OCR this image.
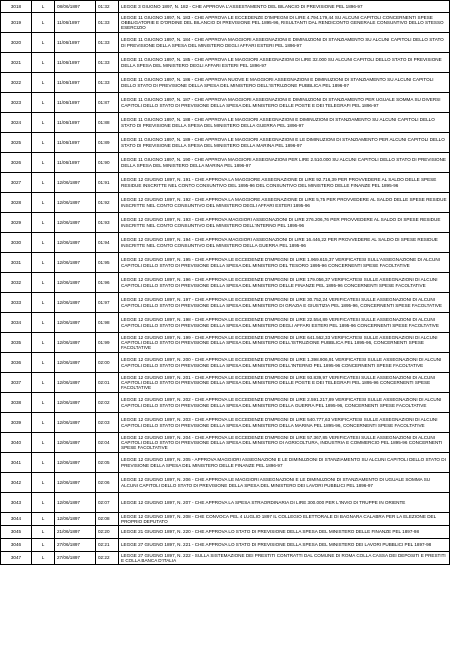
3018	L	08/06/1897	01:32	LEGGE 3 GIUGNO 1897, N. 182 - CHE APPROVA L'ASSESTAMENTO DEL BILANCIO DI PREVISIONE PEL 1896-97

3019	L	11/06/1897	01:33	LEGGE 11 GIUGNO 1897, N. 183 - CHE APPROVA LE ECCEDENZE D'IMPEGNI DI LIRE 4.794.179,44 SU ALCUNI CAPITOLI CONCERNENTI SPESE OBBLIGATORIE E D'ORDINE DEL BILANCIO DI PREVISIONE PEL 1895-96, RISULTANTI DAL RENDICONTO GENERALE CONSUNTIVO DELLO STESSO ESERCIZIO

3020	L	11/06/1897	01:33	LEGGE 11 GIUGNO 1897, N. 184 - CHE APPROVA MAGGIORI ASSEGNAZIONI E DIMINUZIONI DI STANZIAMENTO SU ALCUNI CAPITOLI DELLO STATO DI PREVISIONE DELLA SPESA DEL MINISTERO DEGLI AFFARI ESTERI PEL 1896-97

3021	L	11/06/1897	01:33	LEGGE 11 GIUGNO 1897, N. 185 - CHE APPROVA LE MAGGIORI ASSEGNAZIONI DI LIRE 32.000 SU ALCUNI CAPITOLI DELLO STATO DI PREVISIONE DELLA SPESA DEL MINISTERO DEGLI AFFARI ESTERI PEL 1896-97

3022	L	11/06/1897	01:33	LEGGE 11 GIUGNO 1897, N. 186 - CHE APPROVA NUOVE E MAGGIORI ASSEGNAZIONI E DIMINUZIONI DI STANZIAMENTO SU ALCUNI CAPITOLI DELLO STATO DI PREVISIONE DELLA SPESA DEL MINISTERO DELL'ISTRUZIONE PUBBLICA PEL 1896-97

3023	L	11/06/1897	01:87	LEGGE 11 GIUGNO 1897, N. 187 - CHE APPROVA MAGGIORI ASSEGNAZIONI E DIMINUZIONI DI STANZIAMENTO PER UGUALE SOMMA SU DIVERSI CAPITOLI DELLO STATO DI PREVISIONE DELLA SPESA DEL MINISTERO DELLE POSTE E DEI TELEGRAFI PEL 1896-97

3024	L	11/06/1897	01:88	LEGGE 11 GIUGNO 1897, N. 188 - CHE APPROVA LE MAGGIORI ASSEGNAZIONI E DIMINUZIONI DI STANZIAMENTO SU ALCUNI CAPITOLI DELLO STATO DI PREVISIONE DELLA SPESA DEL MINISTERO DELLA GUERRA PEL 1896-97

3025	L	11/06/1897	01:89	LEGGE 11 GIUGNO 1897, N. 189 - CHE APPROVA LE MAGGIORI ASSEGNAZIONI E LE DIMINUZIONI DI STANZIAMENTO PER ALCUNI CAPITOLI DELLO STATO DI PREVISIONE DELLA SPESA DEL MINISTERO DELLA MARINA PEL 1896-97

3026	L	11/06/1897	01:90	LEGGE 11 GIUGNO 1897, N. 190 - CHE APPROVA MAGGIORI ASSEGNAZIONI PER LIRE 2.510.000 SU ALCUNI CAPITOLI DELLO STATO DI PREVISIONE DELLA SPESA DEL MINISTERO DELLA MARINA PEL 1896-97

3027	L	12/06/1897	01:91	LEGGE 12 GIUGNO 1897, N. 191 - CHE APPROVA LA MAGGIORE ASSEGNAZIONE DI LIRE 92.716,39 PER PROVVEDERE AL SALDO DELLE SPESE RESIDUE INSCRITTE NEL CONTO CONSUNTIVO DEL 1895-96 DEL CONSUNTIVO DEL MINISTERO DELLE FINANZE PEL 1895-96

3028	L	12/06/1897	01:92	LEGGE 12 GIUGNO 1897, N. 192 - CHE APPROVA LA MAGGIORE ASSEGNAZIONE DI LIRE 5,75 PER PROVVEDERE AL SALDO DELLE SPESE RESIDUE INSCRITTE NEL CONTO CONSUNTIVO DEL MINISTERO DEGLI AFFARI ESTERI 1895-96

3029	L	12/06/1897	01:93	LEGGE 12 GIUGNO 1897, N. 193 - CHE APPROVA MAGGIORI ASSEGNAZIONI DI LIRE 276.206,76 PER PROVVEDERE AL SALDO DI SPESE RESIDUE INSCRITTE NEL CONTO CONSUNTIVO DEL MINISTERO DELL'INTERNO PEL 1895-96

3030	L	12/06/1897	01:94	LEGGE 12 GIUGNO 1897, N. 194 - CHE APPROVA MAGGIORI ASSEGNAZIONI DI LIRE 16.446,22 PER PROVVEDERE AL SALDO DI SPESE RESIDUE INSCRITTE NEL CONTO CONSUNTIVO DEL MINISTERO DELLA GUERRA PEL 1895-96

3031	L	12/06/1897	01:95	LEGGE 12 GIUGNO 1897, N. 195 - CHE APPROVA LE ECCEDENZE D'IMPEGNI DI LIRE 1.969.615,37 VERIFICATESI SULL'ASSEGNAZIONE DI ALCUNI CAPITOLI DELLO STATO DI PREVISIONE DELLA SPESA DEL MINISTERO DEL TESORO 1895-96 CONCERNENTI SPESE FACOLTATIVE

3032	L	12/06/1897	01:96	LEGGE 12 GIUGNO 1897, N. 196 - CHE APPROVA LE ECCEDENZE D'IMPEGNI DI LIRE 179.056,37 VERIFICATESI SULLE ASSEGNAZIONI DI ALCUNI CAPITOLI DELLO STATO DI PREVISIONE DELLA SPESA DEL MINISTERO DELLE FINANZE PEL 1895-96 CONCERNENTI SPESE FACOLTATIVE

3033	L	12/06/1897	01:97	LEGGE 12 GIUGNO 1897, N. 197 - CHE APPROVA LE ECCEDENZE D'IMPEGNI DI LIRE 30.752,24 VERIFICATESI SULLE ASSEGNAZIONI DI ALCUNI CAPITOLI DELLO STATO DI PREVISIONE DELLA SPESA DEL MINISTERO DI GRAZIA E GIUSTIZIA PEL 1895-96, CONCERNENTI SPESE FACOLTATIVE

3034	L	12/06/1897	01:98	LEGGE 12 GIUGNO 1897, N. 198 - CHE APPROVA LE ECCEDENZE D'IMPEGNI DI LIRE 22.554,89 VERIFICATESI SULLE ASSEGNAZIONI DI ALCUNI CAPITOLI DELLO STATO DI PREVISIONE DELLA SPESA DEL MINISTERO DEGLI AFFARI ESTERI PEL 1895-96 CONCERNENTI SPESE FACOLTATIVE

3035	L	12/06/1897	01:99	LEGGE 12 GIUGNO 1897, N. 199 - CHE APPROVA LE ECCEDENZE D'IMPEGNI DI LIRE 641.562,33 VERIFICATESI SULLE ASSEGNAZIONI DI ALCUNI CAPITOLI DELLO STATO DI PREVISIONE DELLA SPESA DEL MINISTERO DELL'ISTRUZIONE PUBBLICA PEL 1895-96, CONCERNENTI SPESE FACOLTATIVE

3036	L	12/06/1897	02:00	LEGGE 12 GIUGNO 1897, N. 200 - CHE APPROVA LE ECCEDENZE D'IMPEGNI DI LIRE 1.398.906,91 VERIFICATESI SULLE ASSEGNAZIONI DI ALCUNI CAPITOLI DELLO STATO DI PREVISIONE DELLA SPESA DEL MINISTERO DELL'INTERNO PEL 1895-96 CONCERNENTI SPESE FACOLTATIVE

3037	L	12/06/1897	02:01	LEGGE 12 GIUGNO 1897, N. 201 - CHE APPROVA LE ECCEDENZE D'IMPEGNI DI LIRE 93.839,97 VERIFICATESI SULLE ASSEGNAZIONI DI ALCUNI CAPITOLI DELLO STATO DI PREVISIONE DELLA SPESA DEL MINISTERO DELLE POSTE E DEI TELEGRAFI PEL 1895-96 CONCERNENTI SPESE FACOLTATIVE

3038	L	12/06/1897	02:02	LEGGE 12 GIUGNO 1897, N. 202 - CHE APPROVA LE ECCEDENZE D'IMPEGNI DI LIRE 2.591.217,89 VERIFICATESI SULLE ASSEGNAZIONI DI ALCUNI CAPITOLI DELLO STATO DI PREVISIONE DELLA SPESA DEL MINISTERO DELLA GUERRA PEL 1895-96, CONCERNENTI SPESE FACOLTATIVE

3039	L	12/06/1897	02:03	LEGGE 12 GIUGNO 1897, N. 203 - CHE APPROVA LE ECCEDENZE D'IMPEGNI DI LIRE 540.777,63 VERIFICATESI SULLE ASSEGNAZIONI DI ALCUNI CAPITOLI DELLO STATO DI PREVISIONE DELLA SPESA DEL MINISTERO DELLA MARINA PEL 1895-96, CONCERNENTI SPESE FACOLTATIVE

3040	L	12/06/1897	02:04	LEGGE 12 GIUGNO 1897, N. 204 - CHE APPROVA LE ECCEDENZE D'IMPEGNI DI LIRE 57.367,85 VERIFICATESI SULLE ASSEGNAZIONI DI ALCUNI CAPITOLI DELLO STATO DI PREVISIONE DELLA SPESA DEL MINISTERO DI AGRICOLTURA, INDUSTRIA E COMMERCIO PEL 1895-96 CONCERNENTI SPESE FACOLTATIVE

3041	L	12/06/1897	02:05	LEGGE 12 GIUGNO 1897, N. 205 - APPROVA MAGGIORI ASSEGNAZIONI E LE DIMINUZIONI DI STANZIAMENTO SU ALCUNI CAPITOLI DELLO STATO DI PREVISIONE DELLA SPESA DEL MINISTERO DELLE FINANZE PEL 1896-97

3042	L	12/06/1897	02:06	LEGGE 12 GIUGNO 1897, N. 206 - CHE APPROVA LE MAGGIORI ASSEGNAZIONI E LE DIMINUZIONI DI STANZIAMENTO DI UGUALE SOMMA SU ALCUNI CAPITOLI DELLO STATO DI PREVISIONE DELLA SPESA DEL MINISTERO DEI LAVORI PUBBLICI PEL 1896-97

3043	L	12/06/1897	02:07	LEGGE 12 GIUGNO 1897, N. 207 - CHE APPROVA LA SPESA STRAORDINARIA DI LIRE 300.000 PER L'INVIO DI TRUPPE IN ORIENTE

3044	L	12/06/1897	02:08	LEGGE 12 GIUGNO 1897, N. 208 - CHE CONVOCA PEL 4 LUGLIO 1897 IL COLLEGIO ELETTORALE DI BAGNARA CALABRA PER LA ELEZIONE DEL PROPRIO DEPUTATO

3045	L	21/06/1897	02:20	LEGGE 21 GIUGNO 1897, N. 220 - CHE APPROVA LO STATO DI PREVISIONE DELLA SPESA DEL MINISTERO DELLE FINANZE PEL 1897-98

3046	L	27/06/1897	02:21	LEGGE 27 GIUGNO 1897, N. 221 - CHE APPROVA LO STATO DI PREVISIONE DELLA SPESA DEL MINISTERO DEI LAVORI PUBBLICI PEL 1897-98

3047	L	27/06/1897	02:22	LEGGE 27 GIUGNO 1897, N. 222 - SULLA SISTEMAZIONE DEI PRESTITI CONTRATTI DAL COMUNE DI ROMA COLLA CASSA DEI DEPOSITI E PRESTITI E COLLA BANCA D'ITALIA
